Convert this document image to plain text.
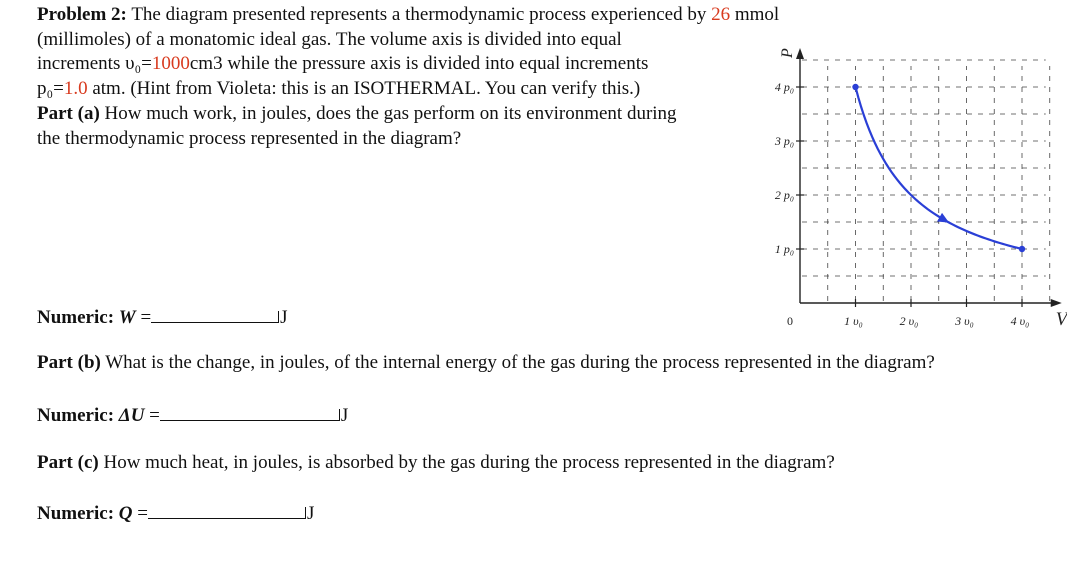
Problem 2: The diagram presented represents a thermodynamic process experienced by 26 mmol
(millimoles) of a monatomic ideal gas. The volume axis is divided into equal
increments υ₀=1000cm3 while the pressure axis is divided into equal increments
p₀=1.0 atm. (Hint from Violeta: this is an ISOTHERMAL. You can verify this.)
Part (a) How much work, in joules, does the gas perform on its environment during
the thermodynamic process represented in the diagram?
V
P
0	1 υ₀	2 υ₀	3 υ₀	4 υ₀
1 p₀
2 p₀
3 p₀
4 p₀
Numeric: W =	J
Part (b) What is the change, in joules, of the internal energy of the gas during the process represented in the diagram?
Numeric: ΔU =	J
Part (c) How much heat, in joules, is absorbed by the gas during the process represented in the diagram?
Numeric: Q =	J
